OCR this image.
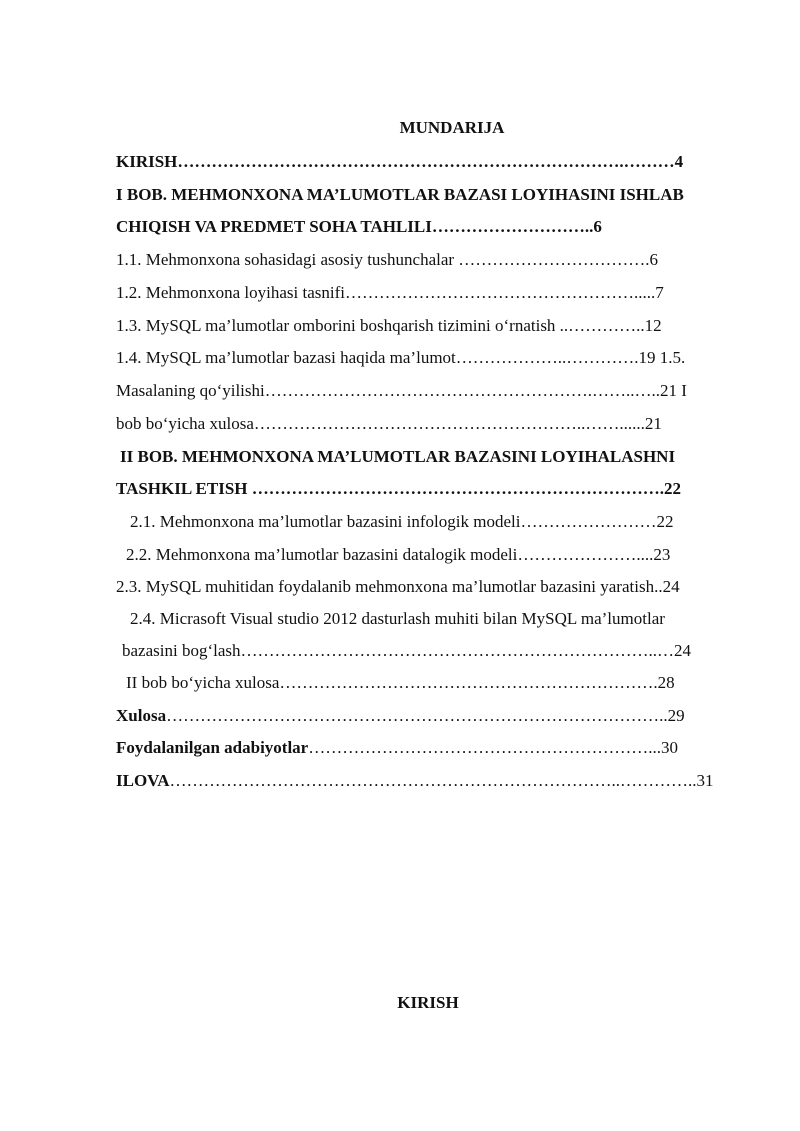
MUNDARIJA
KIRISH…………………………………………………………………….………4
I BOB. MEHMONXONA MA’LUMOTLAR BAZASI LOYIHASINI ISHLAB
CHIQISH VA PREDMET SOHA TAHLILI………………………..6
1.1. Mehmonxona sohasidagi asosiy tushunchalar …………………………….6
1.2. Mehmonxona loyihasi tasnifi…………………………………………….....7
1.3. MySQL ma’lumotlar omborini boshqarish tizimini o‘rnatish ..…………..12
1.4. MySQL ma’lumotlar bazasi haqida ma’lumot………………..………….19 1.5.
Masalaning qo‘yilishi………………………………………………….……..…..21 I
bob bo‘yicha xulosa…………………………………………………..……......21
II BOB. MEHMONXONA MA’LUMOTLAR BAZASINI LOYIHALASHNI
TASHKIL ETISH ……………………………………………………………….22
2.1. Mehmonxona ma’lumotlar bazasini infologik modeli……………………22
2.2. Mehmonxona ma’lumotlar bazasini datalogik modeli…………………....23
2.3. MySQL muhitidan foydalanib mehmonxona ma’lumotlar bazasini yaratish..24
2.4. Micrasoft Visual studio 2012 dasturlash muhiti bilan MySQL ma’lumotlar
bazasini bog‘lash………………………………………………………………..…24
II bob bo‘yicha xulosa………………………………………………………….28
Xulosa……………………………………………………………………………..29
Foydalanilgan adabiyotlar……………………………………………………...30
ILOVA……………………………………………………………………..…………..31
KIRISH
